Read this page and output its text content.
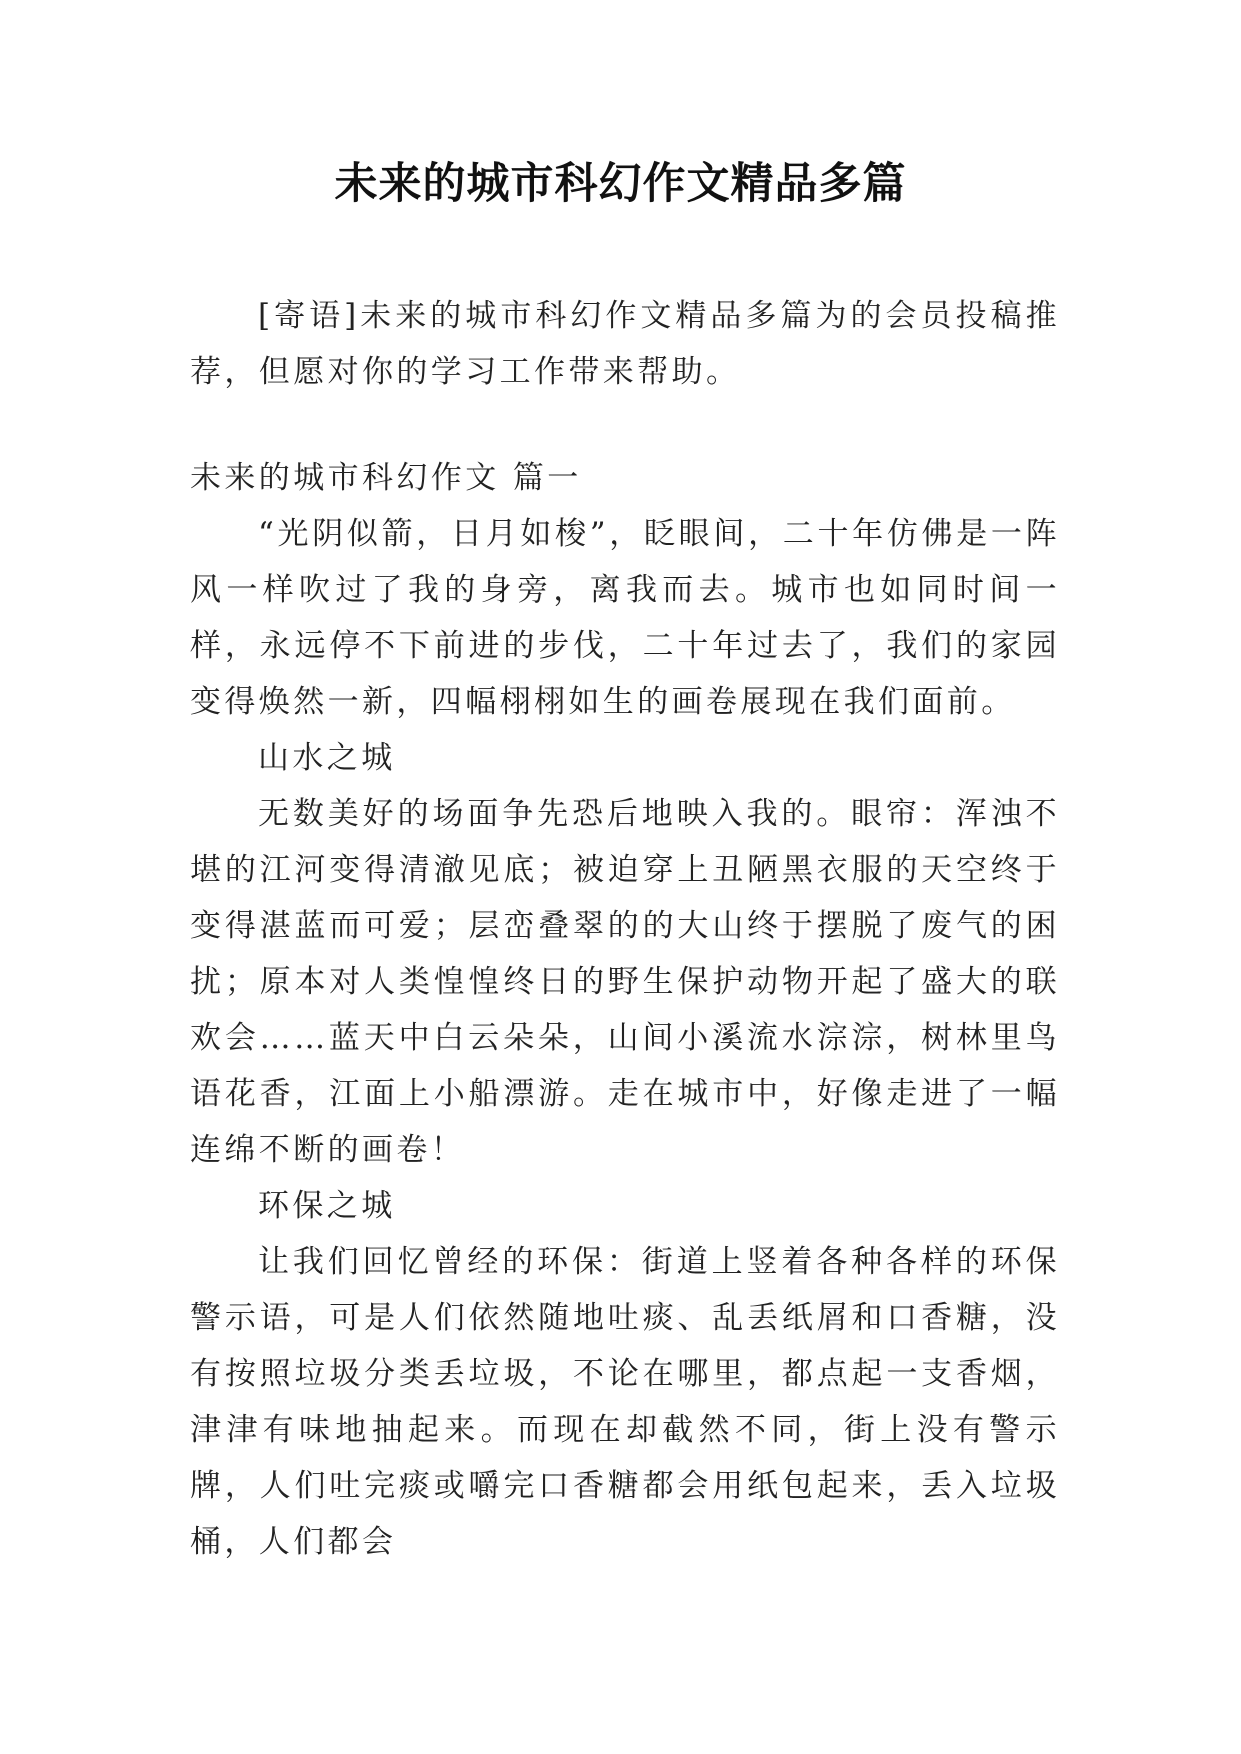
未来的城市科幻作文精品多篇

[寄语]未来的城市科幻作文精品多篇为的会员投稿推荐，但愿对你的学习工作带来帮助。

未来的城市科幻作文 篇一

“光阴似箭，日月如梭”，眨眼间，二十年仿佛是一阵风一样吹过了我的身旁，离我而去。城市也如同时间一样，永远停不下前进的步伐，二十年过去了，我们的家园变得焕然一新，四幅栩栩如生的画卷展现在我们面前。

山水之城

无数美好的场面争先恐后地映入我的。眼帘：浑浊不堪的江河变得清澈见底；被迫穿上丑陋黑衣服的天空终于变得湛蓝而可爱；层峦叠翠的的大山终于摆脱了废气的困扰；原本对人类惶惶终日的野生保护动物开起了盛大的联欢会……蓝天中白云朵朵，山间小溪流水淙淙，树林里鸟语花香，江面上小船漂游。走在城市中，好像走进了一幅连绵不断的画卷！

环保之城

让我们回忆曾经的环保：街道上竖着各种各样的环保警示语，可是人们依然随地吐痰、乱丢纸屑和口香糖，没有按照垃圾分类丢垃圾，不论在哪里，都点起一支香烟，津津有味地抽起来。而现在却截然不同，街上没有警示牌，人们吐完痰或嚼完口香糖都会用纸包起来，丢入垃圾桶，人们都会
